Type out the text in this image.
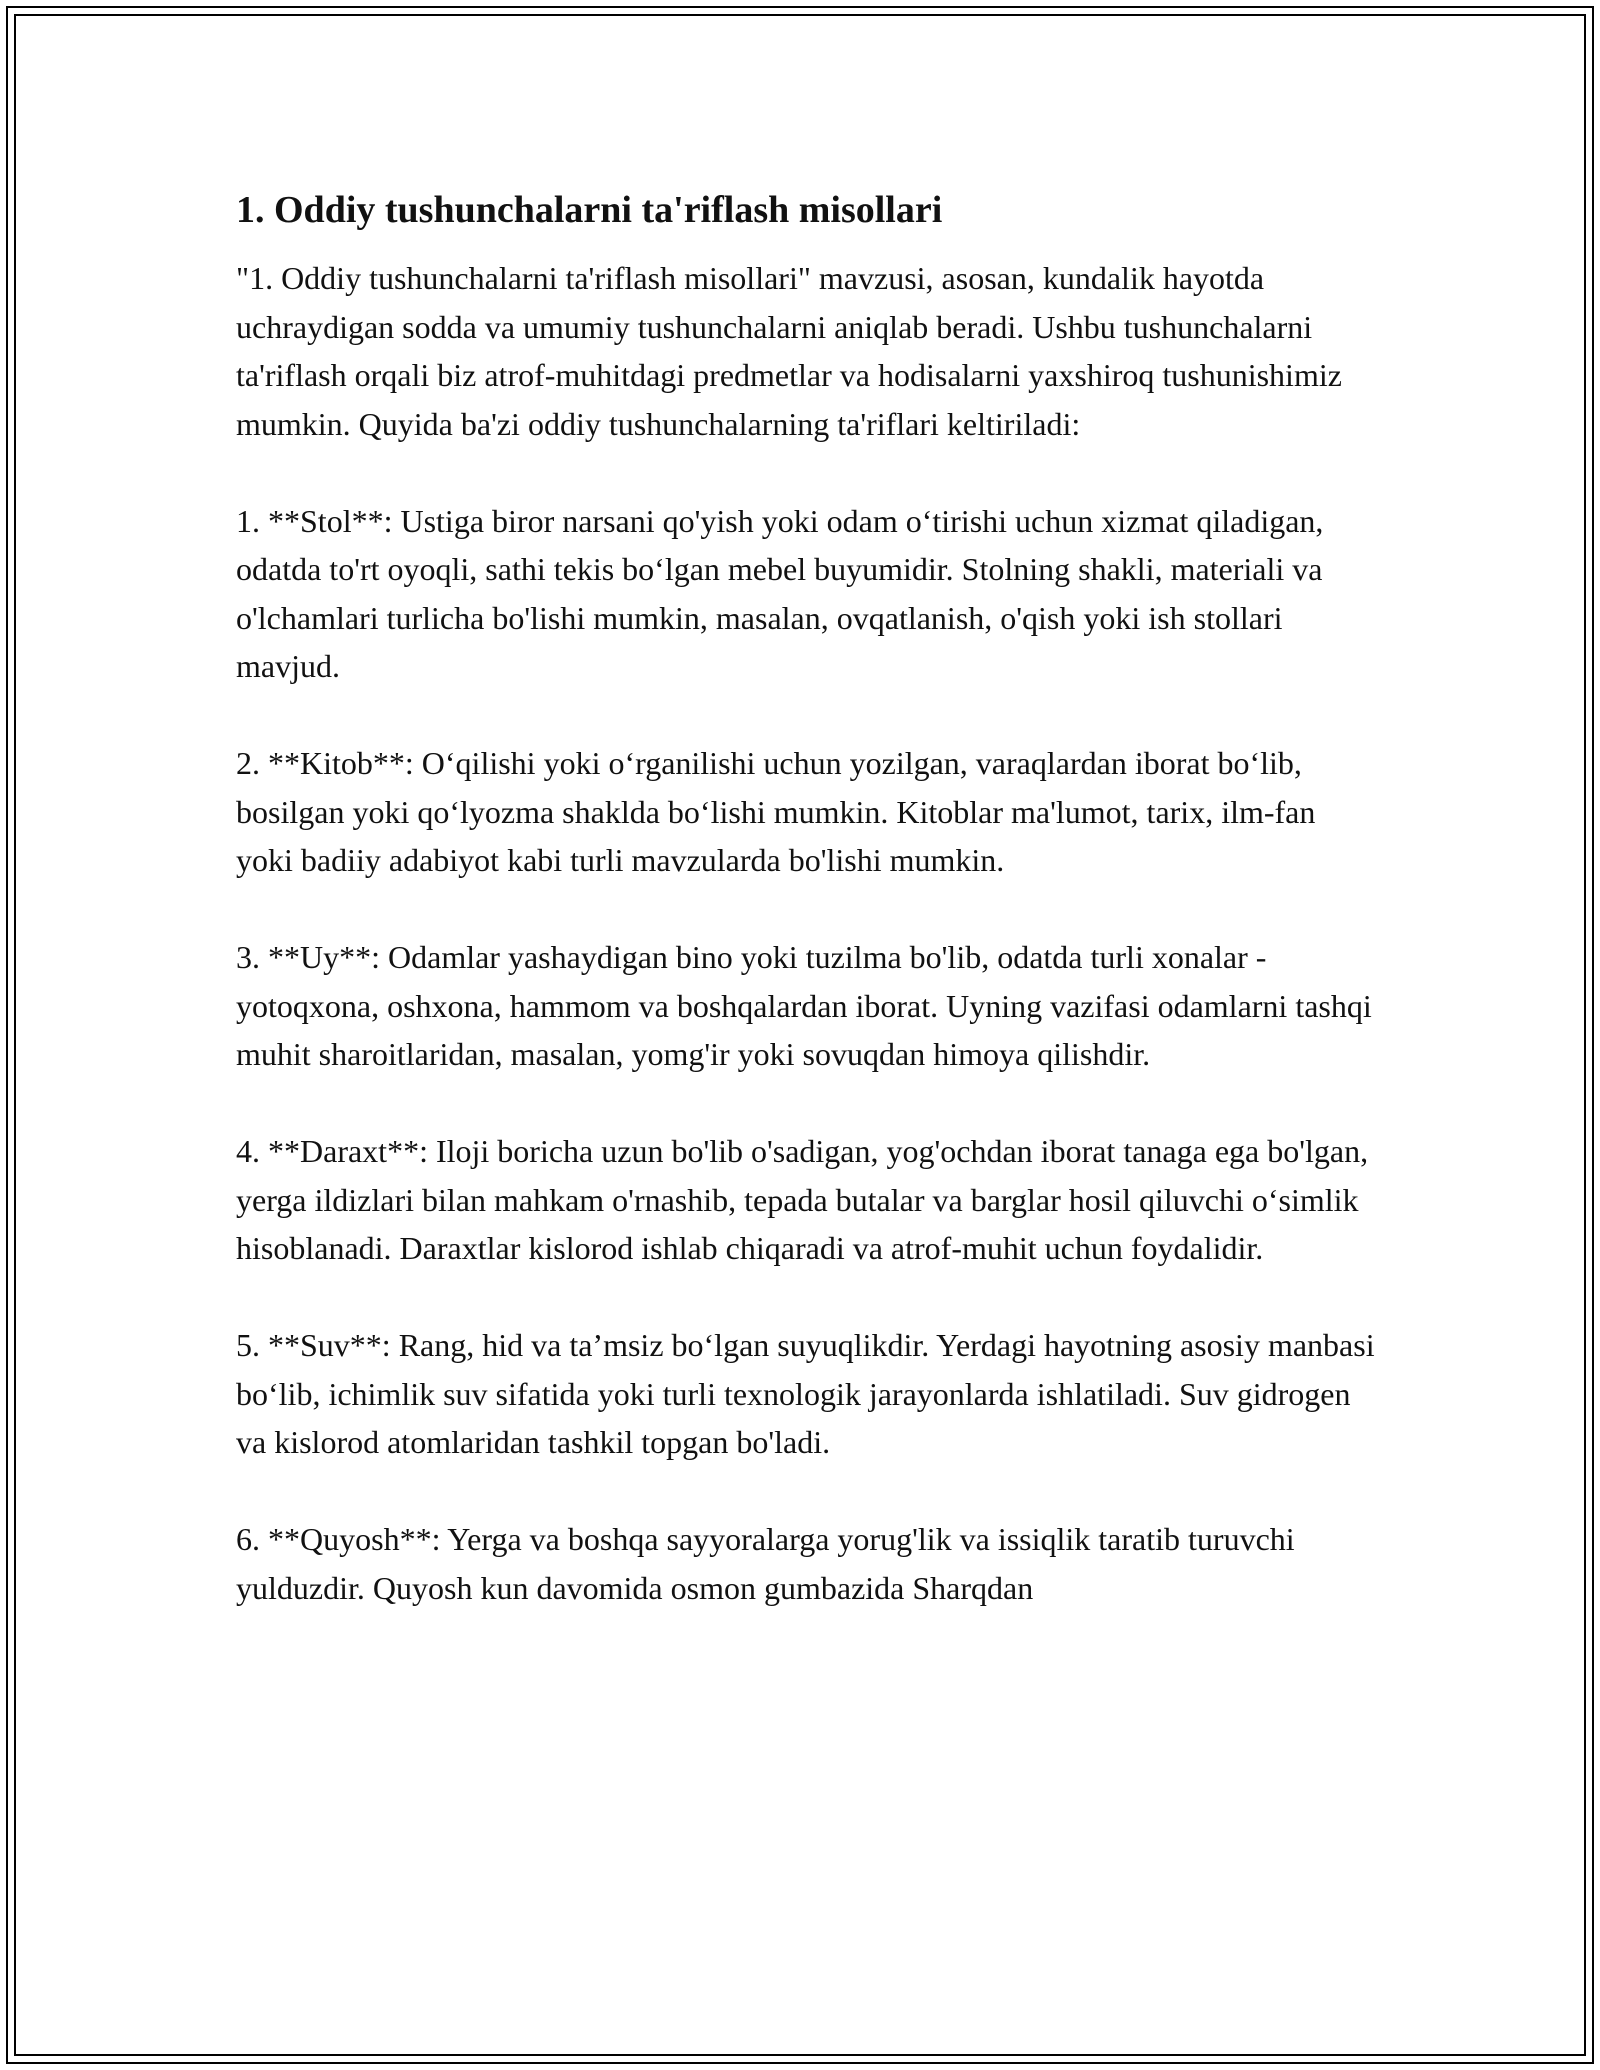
1. Oddiy tushunchalarni ta'riflash misollari
"1. Oddiy tushunchalarni ta'riflash misollari" mavzusi, asosan, kundalik hayotda uchraydigan sodda va umumiy tushunchalarni aniqlab beradi. Ushbu tushunchalarni ta'riflash orqali biz atrof-muhitdagi predmetlar va hodisalarni yaxshiroq tushunishimiz mumkin. Quyida ba'zi oddiy tushunchalarning ta'riflari keltiriladi:
1. **Stol**: Ustiga biror narsani qo'yish yoki odam o‘tirishi uchun xizmat qiladigan, odatda to'rt oyoqli, sathi tekis bo‘lgan mebel buyumidir. Stolning shakli, materiali va o'lchamlari turlicha bo'lishi mumkin, masalan, ovqatlanish, o'qish yoki ish stollari mavjud.
2. **Kitob**: O‘qilishi yoki o‘rganilishi uchun yozilgan, varaqlardan iborat bo‘lib, bosilgan yoki qo‘lyozma shaklda bo‘lishi mumkin. Kitoblar ma'lumot, tarix, ilm-fan yoki badiiy adabiyot kabi turli mavzularda bo'lishi mumkin.
3. **Uy**: Odamlar yashaydigan bino yoki tuzilma bo'lib, odatda turli xonalar - yotoqxona, oshxona, hammom va boshqalardan iborat. Uyning vazifasi odamlarni tashqi muhit sharoitlaridan, masalan, yomg'ir yoki sovuqdan himoya qilishdir.
4. **Daraxt**: Iloji boricha uzun bo'lib o'sadigan, yog'ochdan iborat tanaga ega bo'lgan, yerga ildizlari bilan mahkam o'rnashib, tepada butalar va barglar hosil qiluvchi o‘simlik hisoblanadi. Daraxtlar kislorod ishlab chiqaradi va atrof-muhit uchun foydalidir.
5. **Suv**: Rang, hid va ta’msiz bo‘lgan suyuqlikdir. Yerdagi hayotning asosiy manbasi bo‘lib, ichimlik suv sifatida yoki turli texnologik jarayonlarda ishlatiladi. Suv gidrogen va kislorod atomlaridan tashkil topgan bo'ladi.
6. **Quyosh**: Yerga va boshqa sayyoralarga yorug'lik va issiqlik taratib turuvchi yulduzdir. Quyosh kun davomida osmon gumbazida Sharqdan
